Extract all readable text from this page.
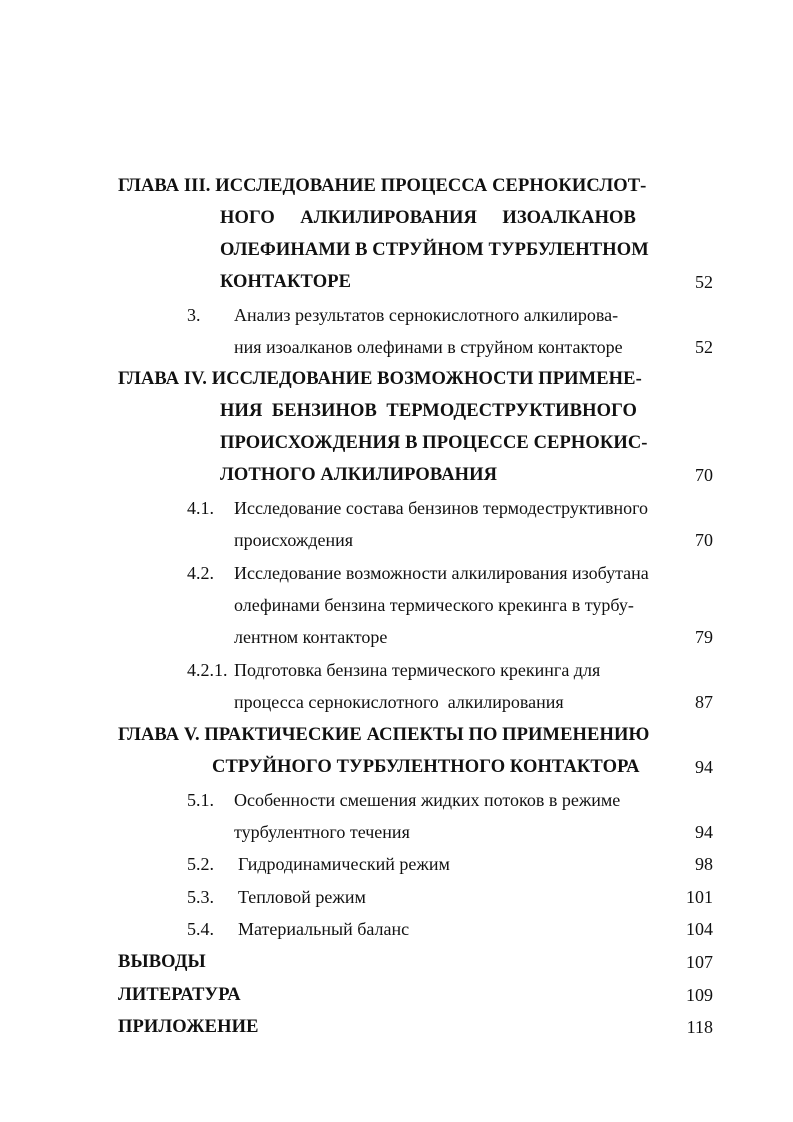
ГЛАВА III. ИССЛЕДОВАНИЕ ПРОЦЕССА СЕРНОКИСЛОТ-
НОГО АЛКИЛИРОВАНИЯ ИЗОАЛКАНОВ
ОЛЕФИНАМИ В СТРУЙНОМ ТУРБУЛЕНТНОМ
КОНТАКТОРЕ	52
3. Анализ результатов сернокислотного алкилирова-
ния изоалканов олефинами в струйном контакторе	52
ГЛАВА IV. ИССЛЕДОВАНИЕ ВОЗМОЖНОСТИ ПРИМЕНЕ-
НИЯ  БЕНЗИНОВ  ТЕРМОДЕСТРУКТИВНОГО
ПРОИСХОЖДЕНИЯ В ПРОЦЕССЕ СЕРНОКИС-
ЛОТНОГО АЛКИЛИРОВАНИЯ	70
4.1. Исследование состава бензинов термодеструктивного
происхождения	70
4.2. Исследование возможности алкилирования изобутана
олефинами бензина термического крекинга в турбу-
лентном контакторе	79
4.2.1. Подготовка бензина термического крекинга для
процесса сернокислотного  алкилирования	87
ГЛАВА V. ПРАКТИЧЕСКИЕ АСПЕКТЫ ПО ПРИМЕНЕНИЮ
СТРУЙНОГО ТУРБУЛЕНТНОГО КОНТАКТОРА	94
5.1. Особенности смешения жидких потоков в режиме
турбулентного течения	94
5.2. Гидродинамический режим	98
5.3. Тепловой режим	101
5.4. Материальный баланс	104
ВЫВОДЫ	107
ЛИТЕРАТУРА	109
ПРИЛОЖЕНИЕ	118
